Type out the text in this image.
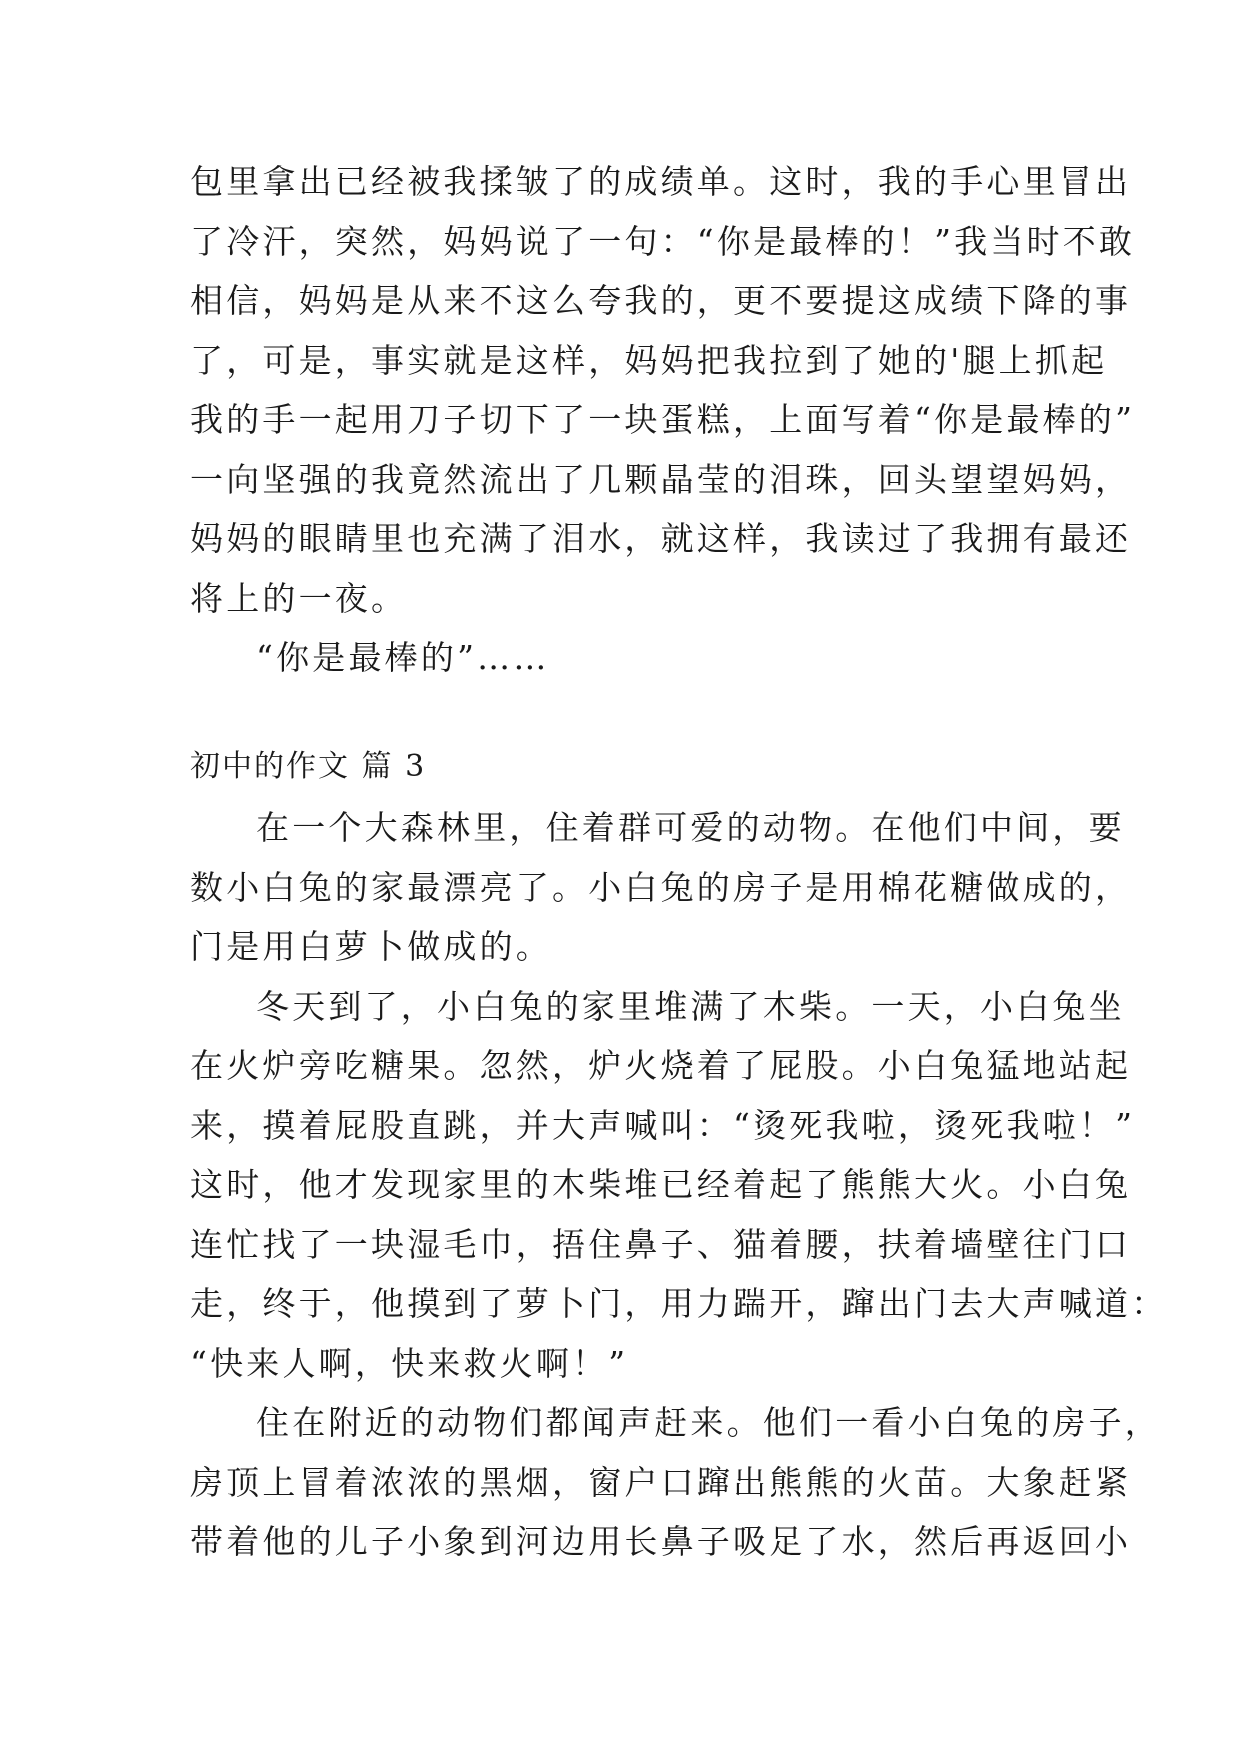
包里拿出已经被我揉皱了的成绩单。这时，我的手心里冒出
了冷汗，突然，妈妈说了一句：“你是最棒的！”我当时不敢
相信，妈妈是从来不这么夸我的，更不要提这成绩下降的事
了，可是，事实就是这样，妈妈把我拉到了她的'腿上抓起
我的手一起用刀子切下了一块蛋糕，上面写着“你是最棒的”
一向坚强的我竟然流出了几颗晶莹的泪珠，回头望望妈妈，
妈妈的眼睛里也充满了泪水，就这样，我读过了我拥有最还
将上的一夜。
“你是最棒的”……
初中的作文 篇 3
在一个大森林里，住着群可爱的动物。在他们中间，要
数小白兔的家最漂亮了。小白兔的房子是用棉花糖做成的，
门是用白萝卜做成的。
冬天到了，小白兔的家里堆满了木柴。一天，小白兔坐
在火炉旁吃糖果。忽然，炉火烧着了屁股。小白兔猛地站起
来，摸着屁股直跳，并大声喊叫：“烫死我啦，烫死我啦！”
这时，他才发现家里的木柴堆已经着起了熊熊大火。小白兔
连忙找了一块湿毛巾，捂住鼻子、猫着腰，扶着墙壁往门口
走，终于，他摸到了萝卜门，用力踹开，蹿出门去大声喊道：
“快来人啊，快来救火啊！”
住在附近的动物们都闻声赶来。他们一看小白兔的房子，
房顶上冒着浓浓的黑烟，窗户口蹿出熊熊的火苗。大象赶紧
带着他的儿子小象到河边用长鼻子吸足了水，然后再返回小
